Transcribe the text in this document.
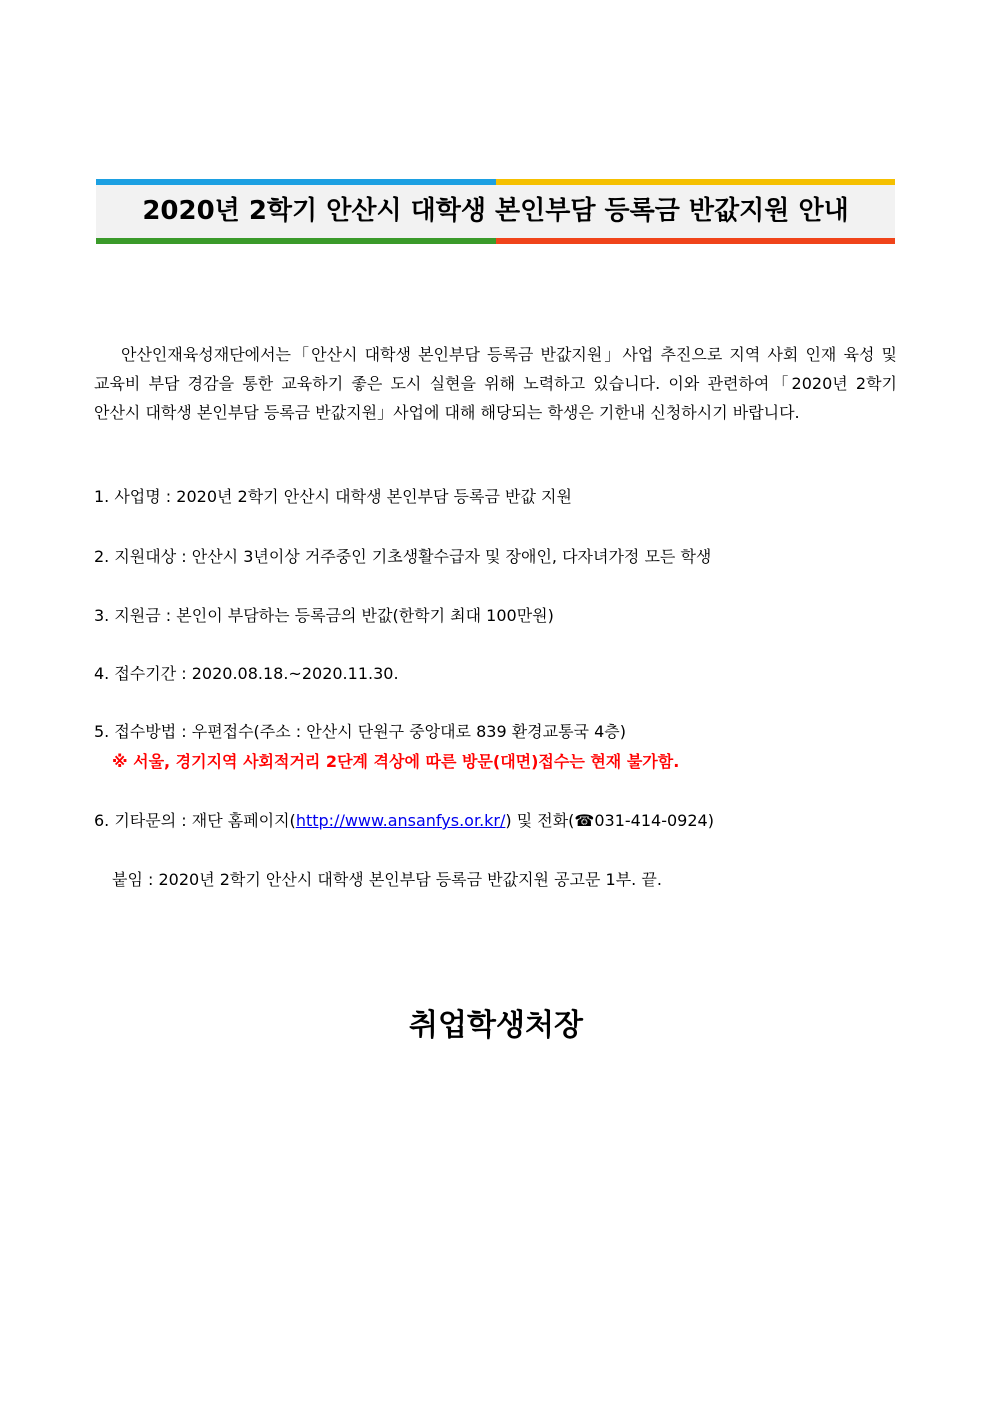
2020년 2학기 안산시 대학생 본인부담 등록금 반값지원 안내
안산인재육성재단에서는「안산시 대학생 본인부담 등록금 반값지원」사업 추진으로 지역 사회 인재 육성 및 교육비 부담 경감을 통한 교육하기 좋은 도시 실현을 위해 노력하고 있습니다. 이와 관련하여「2020년 2학기 안산시 대학생 본인부담 등록금 반값지원」사업에 대해 해당되는 학생은 기한내 신청하시기 바랍니다.
1. 사업명 : 2020년 2학기 안산시 대학생 본인부담 등록금 반값 지원
2. 지원대상 : 안산시 3년이상 거주중인 기초생활수급자 및 장애인, 다자녀가정 모든 학생
3. 지원금 : 본인이 부담하는 등록금의 반값(한학기 최대 100만원)
4. 접수기간 : 2020.08.18.~2020.11.30.
5. 접수방법 : 우편접수(주소 : 안산시 단원구 중앙대로 839 환경교통국 4층)
※ 서울, 경기지역 사회적거리 2단계 격상에 따른 방문(대면)접수는 현재 불가함.
6. 기타문의 : 재단 홈페이지(http://www.ansanfys.or.kr/) 및 전화(☎031-414-0924)
붙임 : 2020년 2학기 안산시 대학생 본인부담 등록금 반값지원 공고문 1부. 끝.
취업학생처장
